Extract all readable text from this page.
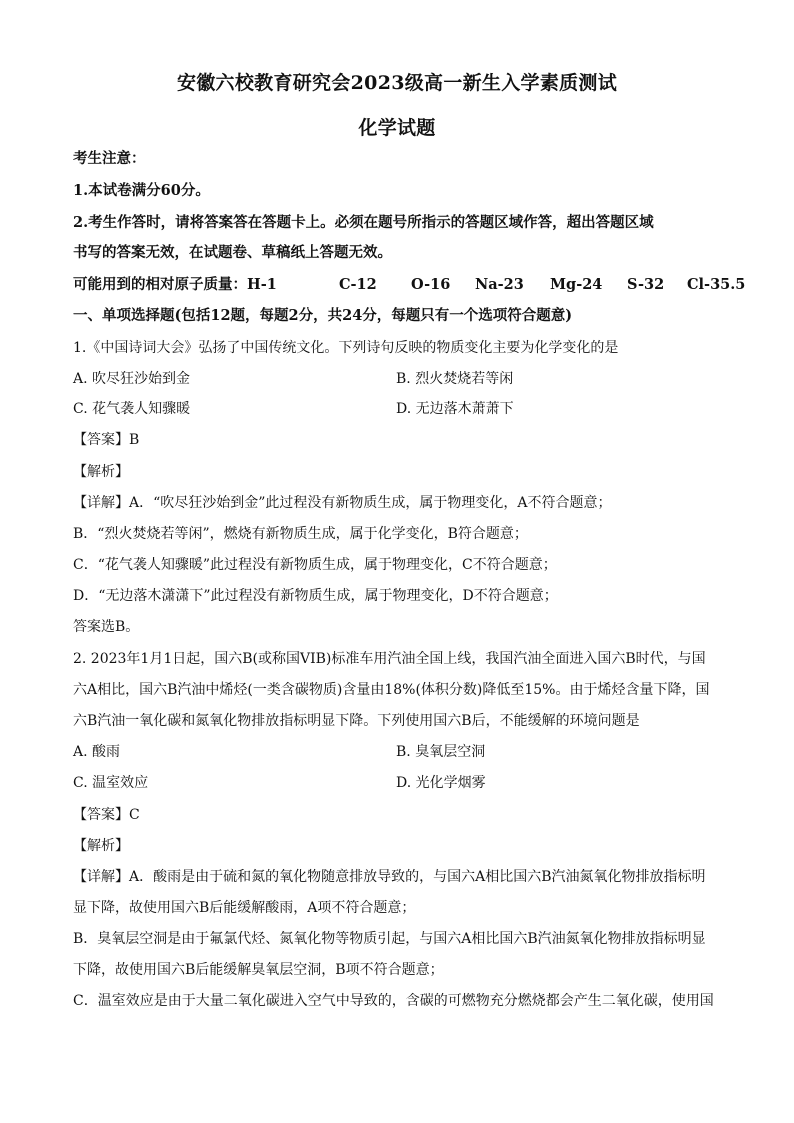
安徽六校教育研究会2023级高一新生入学素质测试
化学试题
考生注意：
1.本试卷满分60分。
2.考生作答时，请将答案答在答题卡上。必须在题号所指示的答题区域作答，超出答题区域
书写的答案无效，在试题卷、草稿纸上答题无效。
可能用到的相对原子质量：H-1	C-12 O-16 Na-23 Mg-24 S-32 Cl-35.5
一、单项选择题(包括12题，每题2分，共24分，每题只有一个选项符合题意)
1.《中国诗词大会》弘扬了中国传统文化。下列诗句反映的物质变化主要为化学变化的是
A. 吹尽狂沙始到金	B. 烈火焚烧若等闲
C. 花气袭人知骤暖	D. 无边落木萧萧下
【答案】B
【解析】
【详解】A．“吹尽狂沙始到金”此过程没有新物质生成，属于物理变化，A不符合题意；
B．“烈火焚烧若等闲”，燃烧有新物质生成，属于化学变化，B符合题意；
C．“花气袭人知骤暖”此过程没有新物质生成，属于物理变化，C不符合题意；
D．“无边落木潇潇下”此过程没有新物质生成，属于物理变化，D不符合题意；
答案选B。
2. 2023年1月1日起，国六B(或称国VIB)标准车用汽油全国上线，我国汽油全面进入国六B时代，与国
六A相比，国六B汽油中烯烃(一类含碳物质)含量由18%(体积分数)降低至15%。由于烯烃含量下降，国
六B汽油一氧化碳和氮氧化物排放指标明显下降。下列使用国六B后，不能缓解的环境问题是
A. 酸雨	B. 臭氧层空洞
C. 温室效应	D. 光化学烟雾
【答案】C
【解析】
【详解】A．酸雨是由于硫和氮的氧化物随意排放导致的，与国六A相比国六B汽油氮氧化物排放指标明
显下降，故使用国六B后能缓解酸雨，A项不符合题意；
B．臭氧层空洞是由于氟氯代烃、氮氧化物等物质引起，与国六A相比国六B汽油氮氧化物排放指标明显
下降，故使用国六B后能缓解臭氧层空洞，B项不符合题意；
C．温室效应是由于大量二氧化碳进入空气中导致的，含碳的可燃物充分燃烧都会产生二氧化碳，使用国
